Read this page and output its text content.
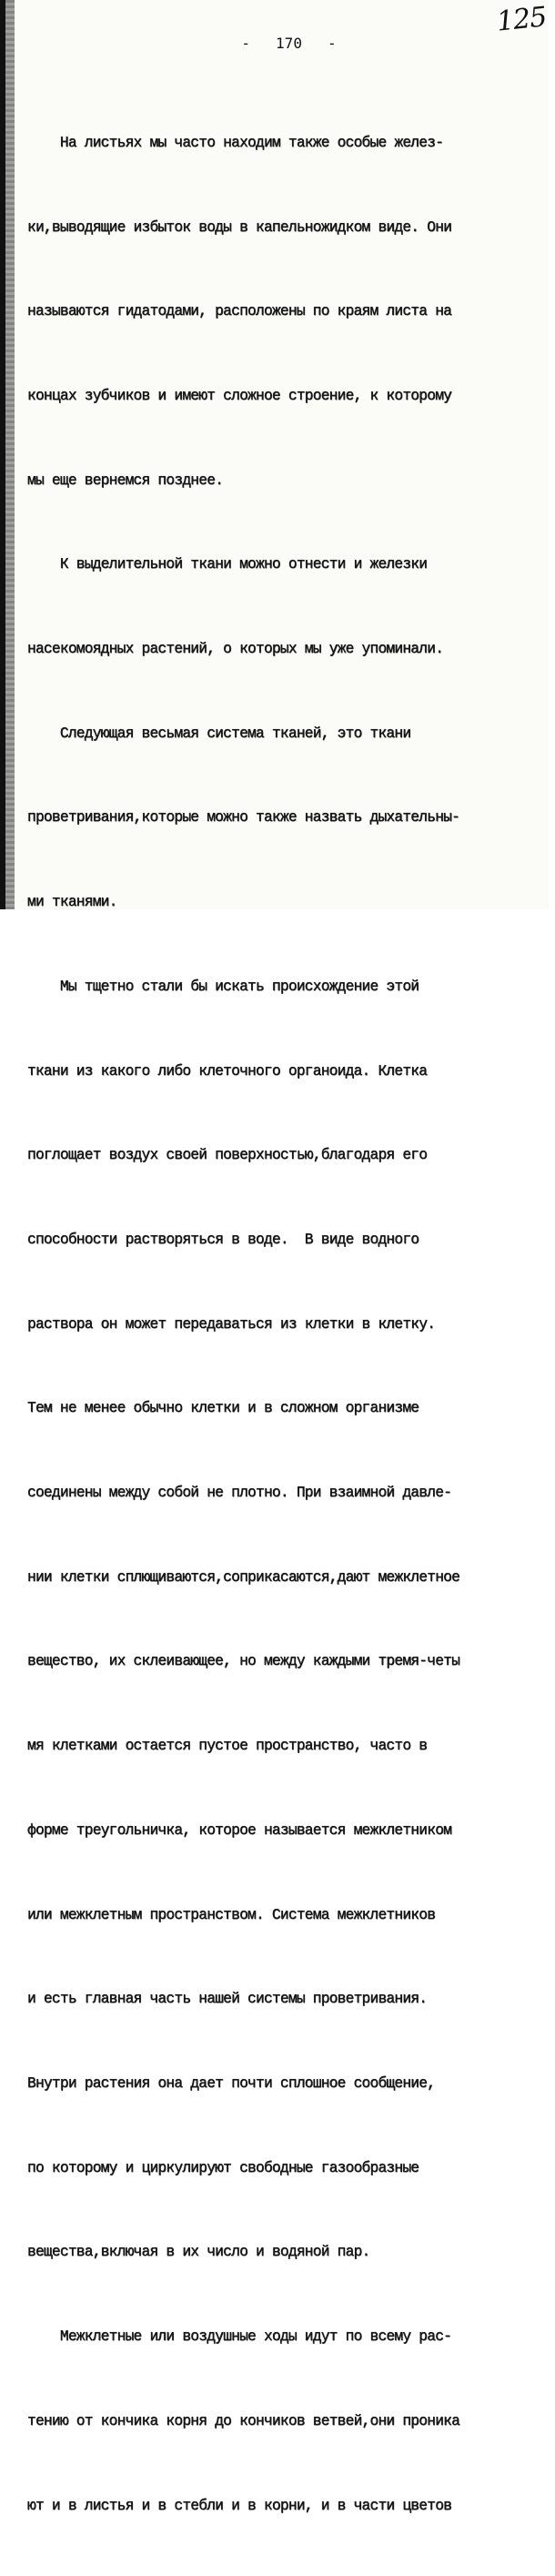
125
- 170 -

На листьях мы часто находим также особые желез-

ки,выводящие избыток воды в капельножидком виде. Они

называются гидатодами, расположены по краям листа на

концах зубчиков и имеют сложное строение, к которому

мы еще вернемся позднее.

К выделительной ткани можно отнести и железки

насекомоядных растений, о которых мы уже упоминали.

Следующая весьмая система тканей, это ткани

проветривания,которые можно также назвать дыхательны-

ми тканями.

Мы тщетно стали бы искать происхождение этой

ткани из какого либо клеточного органоида. Клетка

поглощает воздух своей поверхностью,благодаря его

способности растворяться в воде.  В виде водного

раствора он может передаваться из клетки в клетку.

Тем не менее обычно клетки и в сложном организме

соединены между собой не плотно. При взаимной давле-

нии клетки сплющиваются,соприкасаются,дают межклетное

вещество, их склеивающее, но между каждыми тремя-четы

мя клетками остается пустое пространство, часто в

форме треугольничка, которое называется межклетником

или межклетным пространством. Система межклетников

и есть главная часть нашей системы проветривания.

Внутри растения она дает почти сплошное сообщение,

по которому и циркулируют свободные газообразные

вещества,включая в их число и водяной пар.

Межклетные или воздушные ходы идут по всему рас-

тению от кончика корня до кончиков ветвей,они проника

ют и в листья и в стебли и в корни, и в части цветов
